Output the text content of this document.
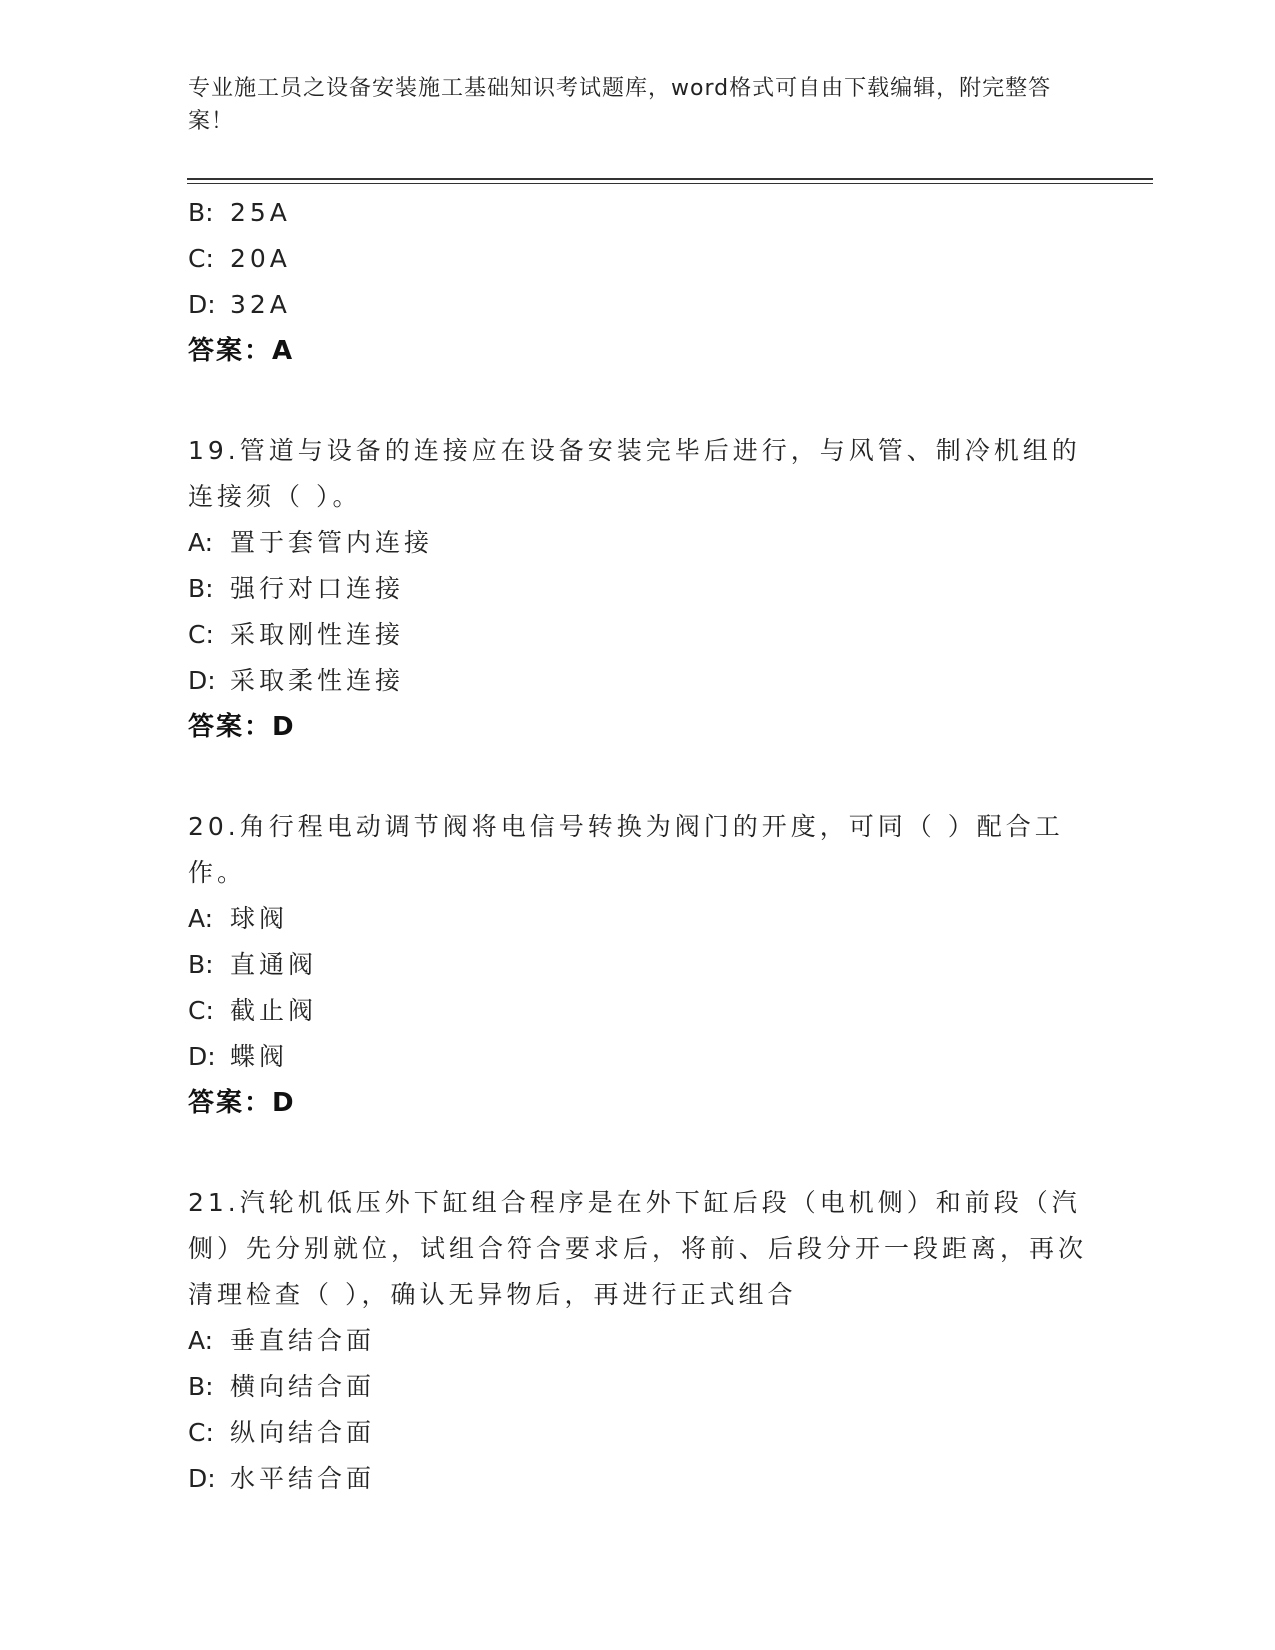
专业施工员之设备安装施工基础知识考试题库，word格式可自由下载编辑，附完整答案！
B: 25A
C: 20A
D: 32A
答案：A
19.管道与设备的连接应在设备安装完毕后进行，与风管、制冷机组的连接须（ ）。
A: 置于套管内连接
B: 强行对口连接
C: 采取刚性连接
D: 采取柔性连接
答案：D
20.角行程电动调节阀将电信号转换为阀门的开度，可同（ ）配合工作。
A: 球阀
B: 直通阀
C: 截止阀
D: 蝶阀
答案：D
21.汽轮机低压外下缸组合程序是在外下缸后段（电机侧）和前段（汽侧）先分别就位，试组合符合要求后，将前、后段分开一段距离，再次清理检查（ ），确认无异物后，再进行正式组合
A: 垂直结合面
B: 横向结合面
C: 纵向结合面
D: 水平结合面
